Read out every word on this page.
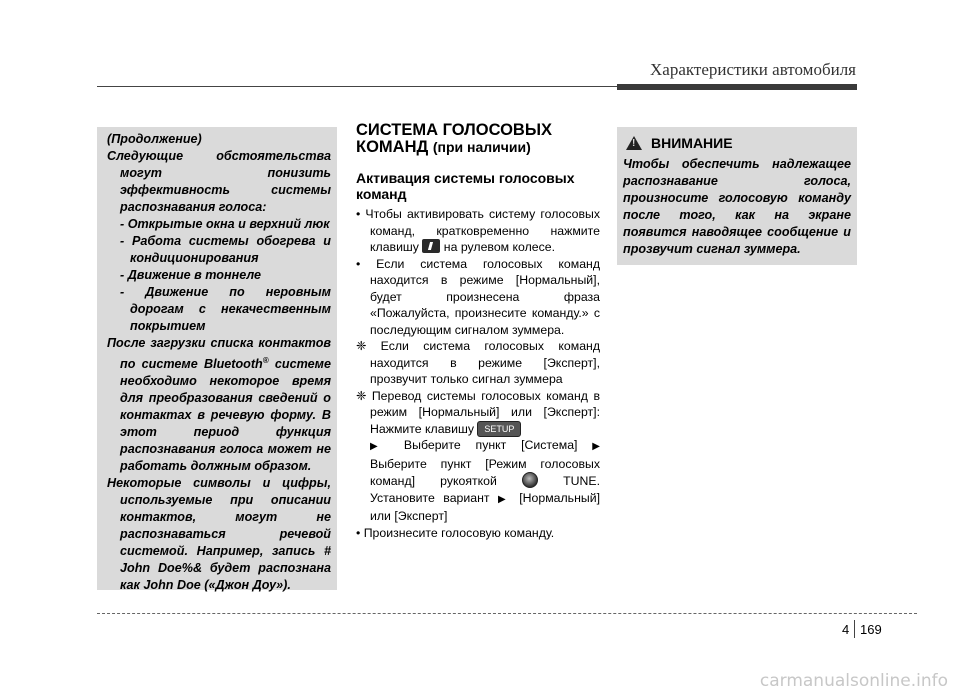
Характеристики автомобиля

(Продолжение)

Следующие обстоятельства могут понизить эффективность системы распознавания голоса:

- Открытые окна и верхний люк

- Работа системы обогрева и кондиционирования

- Движение в тоннеле

- Движение по неровным дорогам с некачественным покрытием

После загрузки списка контактов по системе Bluetooth® системе необходимо некоторое время для преобразования сведений о контактах в речевую форму. В этот период функция распознавания голоса может не работать должным образом.

Некоторые символы и цифры, используемые при описании контактов, могут не распознаваться речевой системой. Например, запись # John Doe%& будет распознана как John Doe («Джон Доу»).

СИСТЕМА ГОЛОСОВЫХ
КОМАНД (при наличии)
Активация системы голосовых команд

• Чтобы активировать систему голосовых команд, кратковременно нажмите клавишу  на рулевом колесе.

• Если система голосовых команд находится в режиме [Нормальный], будет произнесена фраза «Пожалуйста, произнесите команду.» с последующим сигналом зуммера.

❈ Если система голосовых команд находится в режиме [Эксперт], прозвучит только сигнал зуммера

❈ Перевод системы голосовых команд в режим [Нормальный] или [Эксперт]: Нажмите клавишу SETUP
▶ Выберите пункт [Система] ▶ Выберите пункт [Режим голосовых команд] рукояткой  TUNE. Установите вариант ▶ [Нормальный] или [Эксперт]

• Произнесите голосовую команду.

!
ВНИМАНИЕ

Чтобы обеспечить надлежащее распознавание голоса, произносите голосовую команду после того, как на экране появится наводящее сообщение и прозвучит сигнал зуммера.

4 169
carmanualsonline.info
